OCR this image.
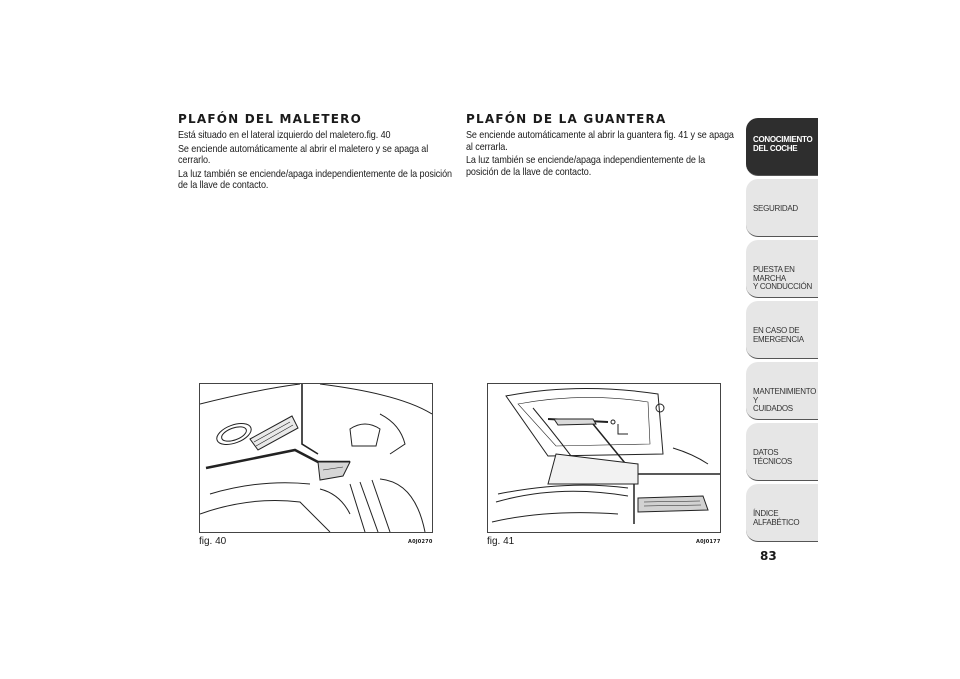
PLAFÓN DEL MALETERO

Está situado en el lateral izquierdo del maletero.fig. 40

Se enciende automáticamente al abrir el maletero y se apaga al cerrarlo.

La luz también se enciende/apaga independientemente de la posición de la llave de contacto.

PLAFÓN DE LA GUANTERA

Se enciende automáticamente al abrir la guantera fig. 41 y se apaga al cerrarla.

La luz también se enciende/apaga independientemente de la posición de la llave de contacto.

fig. 40	A0J0270	fig. 41	A0J0177
CONOCIMIENTO
DEL COCHE
SEGURIDAD
PUESTA EN MARCHA
Y CONDUCCIÓN
EN CASO DE
EMERGENCIA
MANTENIMIENTO Y
CUIDADOS
DATOS TÉCNICOS
ÍNDICE ALFABÉTICO
83
